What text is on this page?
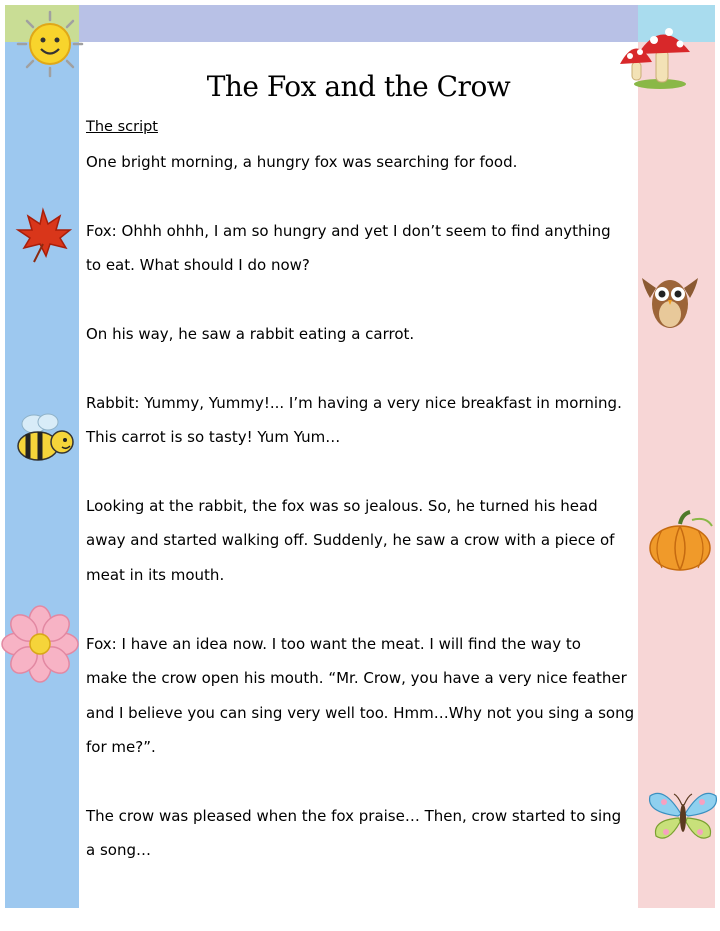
The Fox and the Crow
The script
One bright morning, a hungry fox was searching for food.
Fox: Ohhh ohhh, I am so hungry and yet I don’t seem to find anything
to eat. What should I do now?
On his way, he saw a rabbit eating a carrot.
Rabbit: Yummy, Yummy!... I’m having a very nice breakfast in morning.
This carrot is so tasty! Yum Yum…
Looking at the rabbit, the fox was so jealous. So, he turned his head
away and started walking off. Suddenly, he saw a crow with a piece of
meat in its mouth.
Fox: I have an idea now. I too want the meat. I will find the way to
make the crow open his mouth. “Mr. Crow, you have a very nice feather
and I believe you can sing very well too. Hmm…Why not you sing a song
for me?”.
The crow was pleased when the fox praise… Then, crow started to sing
a song…
